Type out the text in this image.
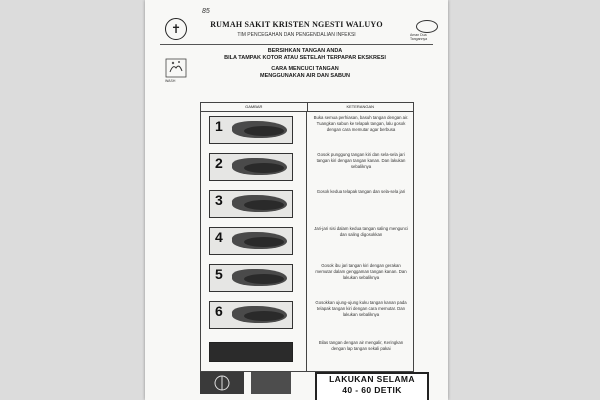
✝
85
RUMAH SAKIT KRISTEN NGESTI WALUYO
TIM PENCEGAHAN DAN PENGENDALIAN INFEKSI	Aman Dua Tangannya
WASH
BERSIHKAN TANGAN ANDA
BILA TAMPAK KOTOR ATAU SETELAH TERPAPAR EKSKRESI
CARA MENCUCI TANGAN
MENGGUNAKAN AIR DAN SABUN
GAMBAR	KETERANGAN
1
Buka semua perhiasan, basuh tangan dengan air. Tuangkan sabun ke telapak tangan, lalu gosok dengan cara memutar agar berbusa
2
Gosok punggung tangan kiri dan sela-sela jari tangan kiri dengan tangan kanan. Dan lakukan sebaliknya
3
Gosok kedua telapak tangan dan sela-sela jari
4
Jari-jari sisi dalam kedua tangan saling mengunci dan saling digosokkan
5
Gosok ibu jari tangan kiri dengan gerakan memutar dalam genggaman tangan kanan. Dan lakukan sebaliknya
6
Gosokkan ujung-ujung kuku tangan kanan pada telapak tangan kiri dengan cara memutar. Dan lakukan sebaliknya
Bilas tangan dengan air mengalir, Keringkan dengan lap tangan sekali pakai
LAKUKAN SELAMA
40 - 60 DETIK
